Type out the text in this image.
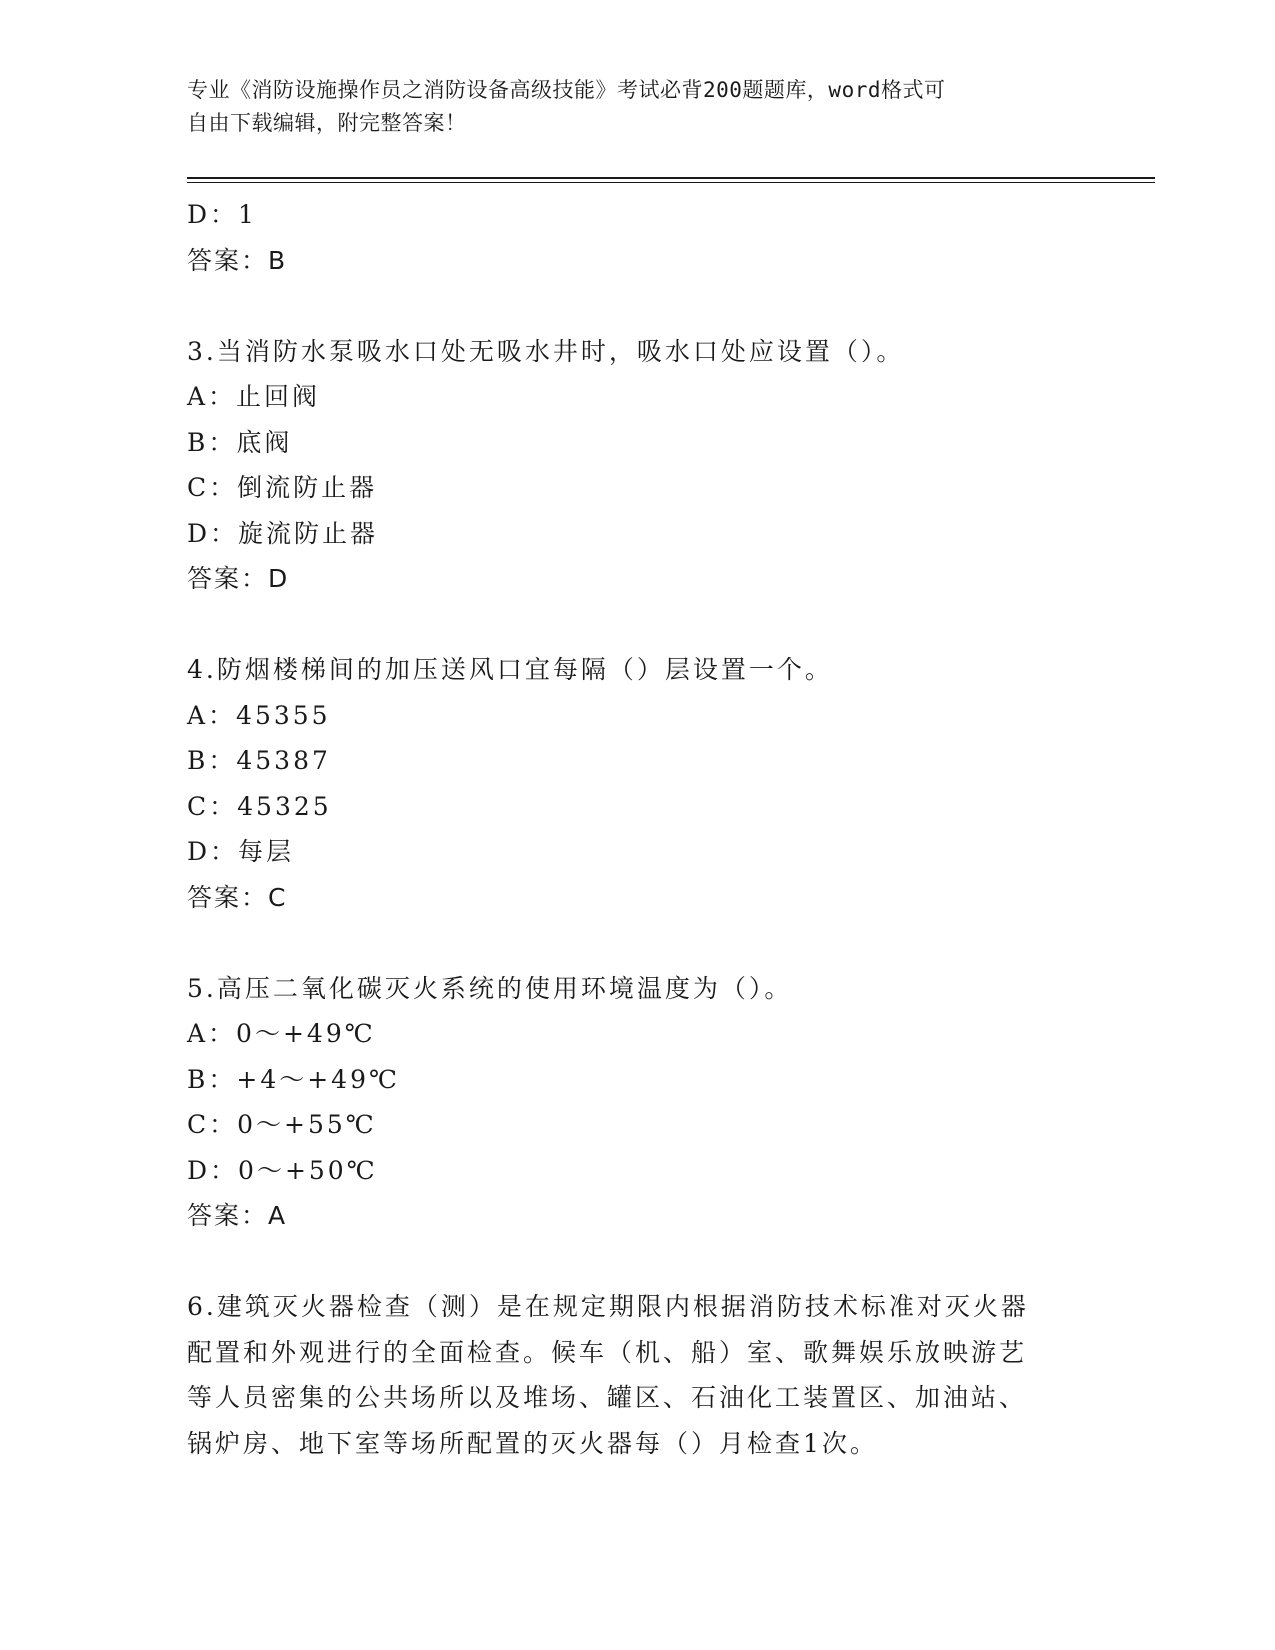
专业《消防设施操作员之消防设备高级技能》考试必背200题题库，word格式可
自由下载编辑，附完整答案！
D：1
答案：B
3.当消防水泵吸水口处无吸水井时，吸水口处应设置（）。
A：止回阀
B：底阀
C：倒流防止器
D：旋流防止器
答案：D
4.防烟楼梯间的加压送风口宜每隔（）层设置一个。
A：45355
B：45387
C：45325
D：每层
答案：C
5.高压二氧化碳灭火系统的使用环境温度为（）。
A：0～+49℃
B：+4～+49℃
C：0～+55℃
D：0～+50℃
答案：A
6.建筑灭火器检查（测）是在规定期限内根据消防技术标准对灭火器
配置和外观进行的全面检查。候车（机、船）室、歌舞娱乐放映游艺
等人员密集的公共场所以及堆场、罐区、石油化工装置区、加油站、
锅炉房、地下室等场所配置的灭火器每（）月检查1次。
